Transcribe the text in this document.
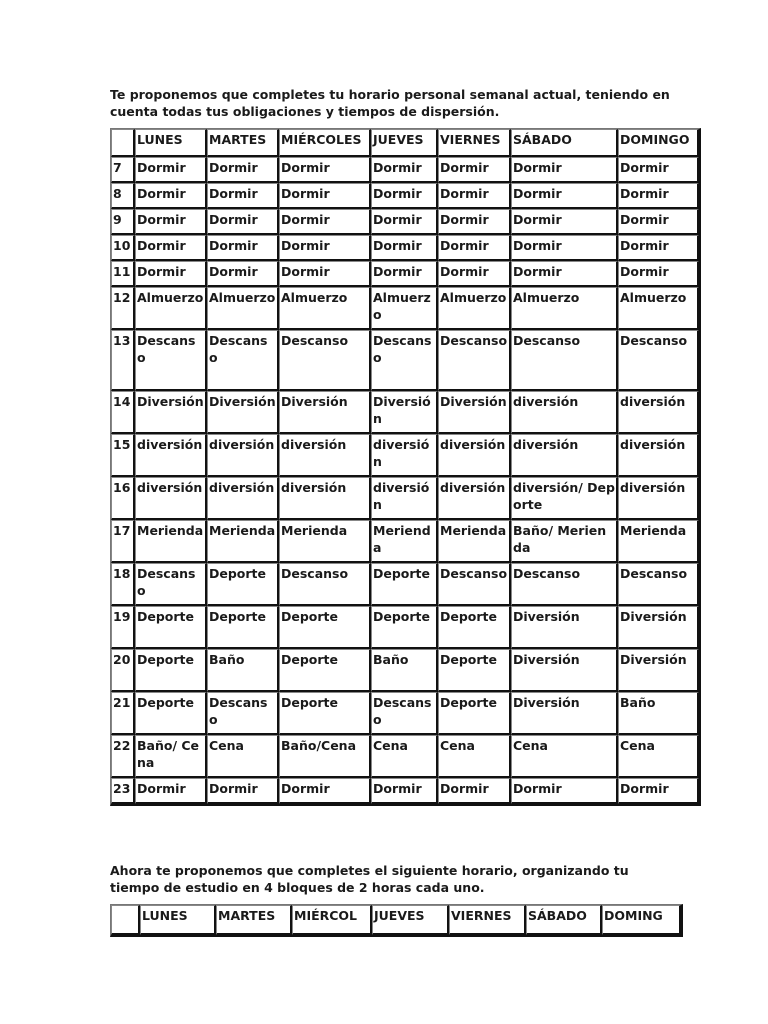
Te proponemos que completes tu horario personal semanal actual, teniendo en cuenta todas tus obligaciones y tiempos de dispersión.

	LUNES	MARTES	MIÉRCOLES	JUEVES	VIERNES	SÁBADO	DOMINGO
7	Dormir	Dormir	Dormir	Dormir	Dormir	Dormir	Dormir
8	Dormir	Dormir	Dormir	Dormir	Dormir	Dormir	Dormir
9	Dormir	Dormir	Dormir	Dormir	Dormir	Dormir	Dormir
10	Dormir	Dormir	Dormir	Dormir	Dormir	Dormir	Dormir
11	Dormir	Dormir	Dormir	Dormir	Dormir	Dormir	Dormir
12	Almuerzo	Almuerzo	Almuerzo	Almuerzo	Almuerzo	Almuerzo	Almuerzo
13	Descanso	Descanso	Descanso	Descanso	Descanso	Descanso	Descanso
14	Diversión	Diversión	Diversión	Diversión	Diversión	diversión	diversión
15	diversión	diversión	diversión	diversión	diversión	diversión	diversión
16	diversión	diversión	diversión	diversión	diversión	diversión/ Deporte	diversión
17	Merienda	Merienda	Merienda	Merienda	Merienda	Baño/ Merienda	Merienda
18	Descanso	Deporte	Descanso	Deporte	Descanso	Descanso	Descanso
19	Deporte	Deporte	Deporte	Deporte	Deporte	Diversión	Diversión
20	Deporte	Baño	Deporte	Baño	Deporte	Diversión	Diversión
21	Deporte	Descanso	Deporte	Descanso	Deporte	Diversión	Baño
22	Baño/ Cena	Cena	Baño/Cena	Cena	Cena	Cena	Cena
23	Dormir	Dormir	Dormir	Dormir	Dormir	Dormir	Dormir

Ahora te proponemos que completes el siguiente horario, organizando tu tiempo de estudio en 4 bloques de 2 horas cada uno.

	LUNES	MARTES	MIÉRCOL	JUEVES	VIERNES	SÁBADO	DOMING
